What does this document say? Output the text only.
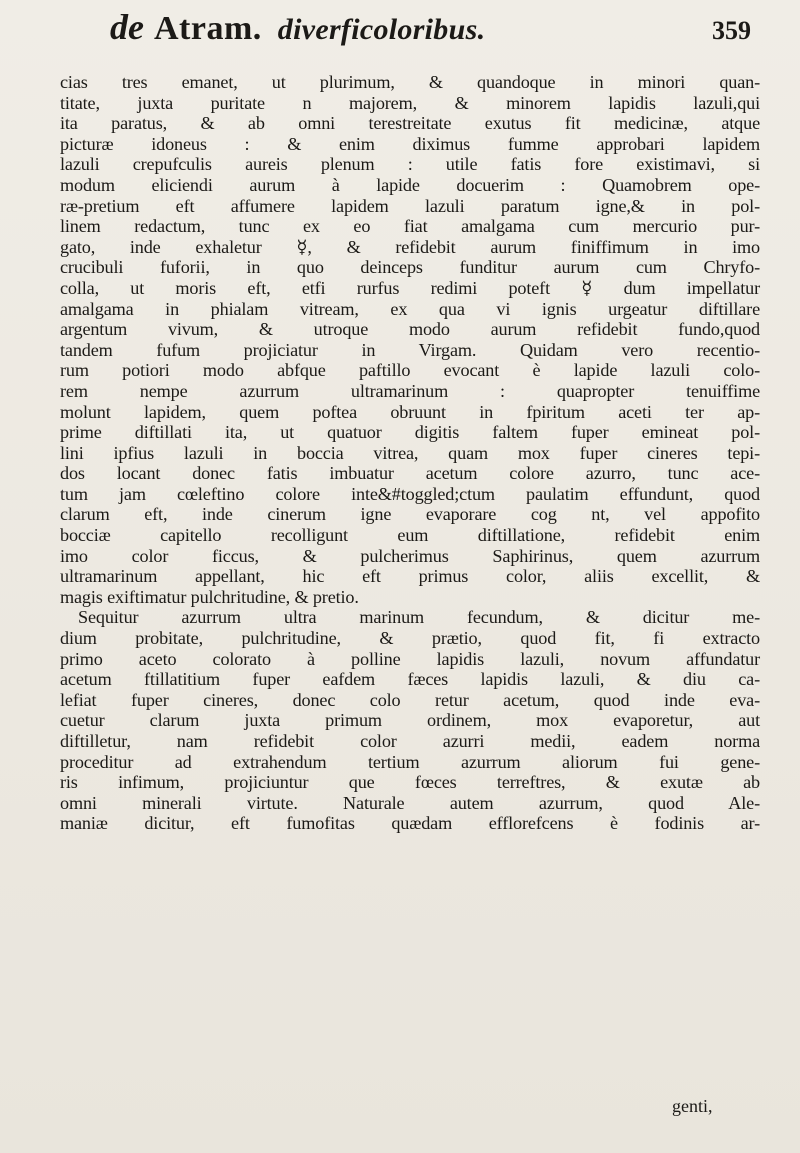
de Atram. diverficoloribus.	359
cias tres emanet, ut plurimum, & quandoque in minori quan-
titate, juxta puritate n majorem, & minorem lapidis lazuli,qui
ita paratus, & ab omni terestreitate exutus fit medicinæ, atque
picturæ idoneus : & enim diximus fumme approbari lapidem
lazuli crepufculis aureis plenum : utile fatis fore existimavi, si
modum eliciendi aurum à lapide docuerim : Quamobrem ope-
ræ-pretium eft affumere lapidem lazuli paratum igne,& in pol-
linem redactum, tunc ex eo fiat amalgama cum mercurio pur-
gato, inde exhaletur ☿, & refidebit aurum finiffimum in imo
crucibuli fuforii, in quo deinceps funditur aurum cum Chryfo-
colla, ut moris eft, etfi rurfus redimi poteft ☿ dum impellatur
amalgama in phialam vitream, ex qua vi ignis urgeatur diftillare
argentum vivum, & utroque modo aurum refidebit fundo,quod
tandem fufum projiciatur in Virgam. Quidam vero recentio-
rum potiori modo abfque paftillo evocant è lapide lazuli colo-
rem nempe azurrum ultramarinum : quapropter tenuiffime
molunt lapidem, quem poftea obruunt in fpiritum aceti ter ap-
prime diftillati ita, ut quatuor digitis faltem fuper emineat pol-
lini ipfius lazuli in boccia vitrea, quam mox fuper cineres tepi-
dos locant donec fatis imbuatur acetum colore azurro, tunc ace-
tum jam cœleftino colore inte&#toggled;ctum paulatim effundunt, quod
clarum eft, inde cinerum igne evaporare cog nt, vel appofito
bocciæ capitello recolligunt eum diftillatione, refidebit enim
imo color ficcus, & pulcherimus Saphirinus, quem azurrum
ultramarinum appellant, hic eft primus color, aliis excellit, &
magis exiftimatur pulchritudine, & pretio.
Sequitur azurrum ultra marinum fecundum, & dicitur me-
dium probitate, pulchritudine, & prætio, quod fit, fi extracto
primo aceto colorato à polline lapidis lazuli, novum affundatur
acetum ftillatitium fuper eafdem fæces lapidis lazuli, & diu ca-
lefiat fuper cineres, donec colo retur acetum, quod inde eva-
cuetur clarum juxta primum ordinem, mox evaporetur, aut
diftilletur, nam refidebit color azurri medii, eadem norma
proceditur ad extrahendum tertium azurrum aliorum fui gene-
ris infimum, projiciuntur que fœces terreftres, & exutæ ab
omni minerali virtute. Naturale autem azurrum, quod Ale-
maniæ dicitur, eft fumofitas quædam efflorefcens è fodinis ar-
genti,
